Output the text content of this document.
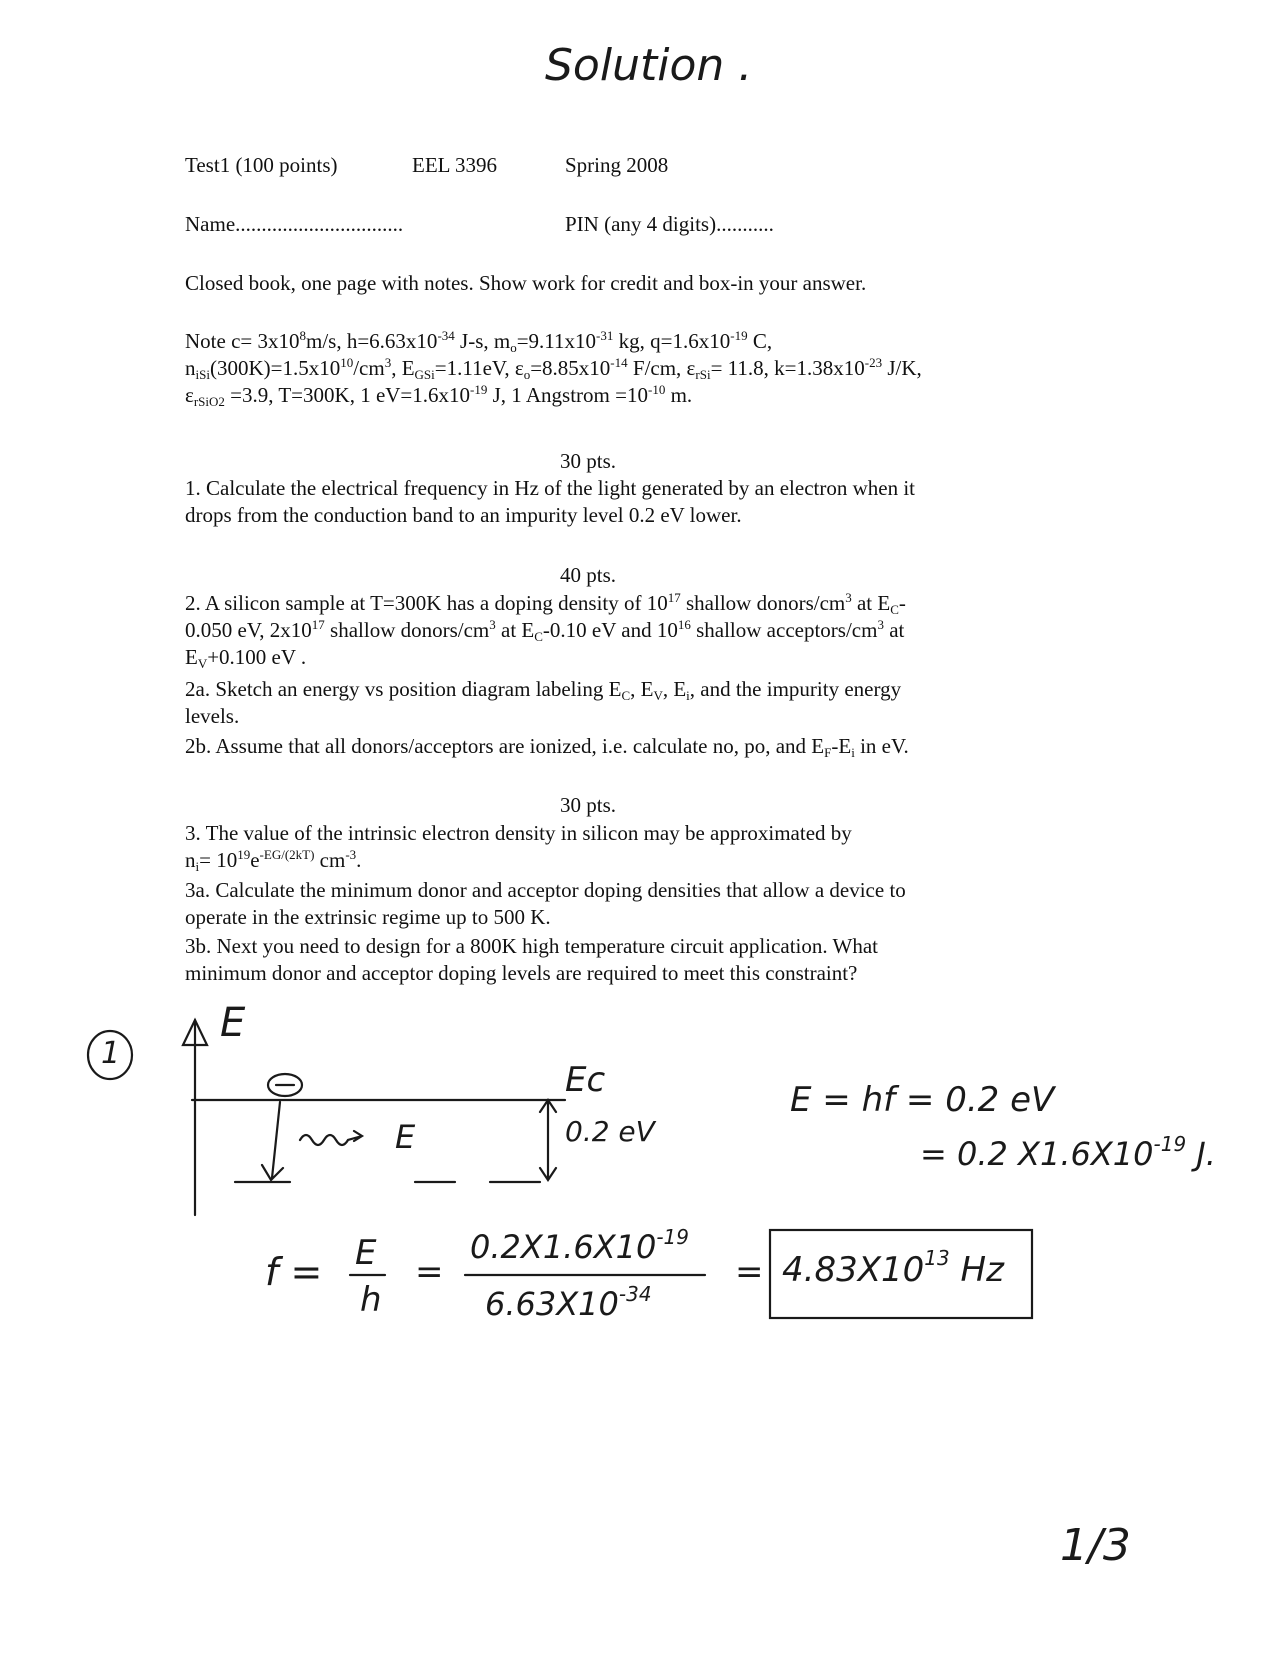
Solution .
Test1 (100 points)	EEL 3396	Spring 2008
Name................................	PIN (any 4 digits)...........
Closed book, one page with notes. Show work for credit and box-in your answer.
Note $c= 3x10^8m/s$, $h=6.63x10^{-34}$ J-s, $m_o=9.11x10^{-31}$ kg, $q=1.6x10^{-19}$ C,
$n_{iSi}(300K)=1.5x10^{10}/cm^3$, $E_{GSi}=1.11eV$, $\varepsilon_o=8.85x10^{-14}$ F/cm, $\varepsilon_{rSi}= 11.8$, $k=1.38x10^{-23}$ J/K,
$\varepsilon_{rSiO2} =3.9$, T=300K, 1 $eV=1.6x10^{-19}$ J, 1 Angstrom $=10^{-10}$ m.
30 pts.
1. Calculate the electrical frequency in Hz of the light generated by an electron when it
drops from the conduction band to an impurity level 0.2 eV lower.
40 pts.
2. A silicon sample at T=300K has a doping density of $10^{17}$ shallow donors/$cm^3$ at $E_C-$
0.050 eV, $2x10^{17}$ shallow donors/$cm^3$ at $E_C-0.10$ eV and $10^{16}$ shallow acceptors/$cm^3$ at
$E_V+0.100$ eV .
2a. Sketch an energy vs position diagram labeling $E_C$, $E_V$, $E_i$, and the impurity energy
levels.
2b. Assume that all donors/acceptors are ionized, i.e. calculate no, po, and $E_F-E_i$ in eV.
30 pts.
3. The value of the intrinsic electron density in silicon may be approximated by
$n_i= 10^{19}e^{-EG/(2kT)}$ $cm^{-3}$.
3a. Calculate the minimum donor and acceptor doping densities that allow a device to
operate in the extrinsic regime up to 500 K.
3b. Next you need to design for a 800K high temperature circuit application. What
minimum donor and acceptor doping levels are required to meet this constraint?
1
E
Ec
0.2 eV
E
E = hf = 0.2 eV
= 0.2 $X1.6X10^{-19}$ J.
f = E
h
=
$0.2X1.6X10^{-19}$
$6.63X10^{-34}$
= $4.83X10^{13}$ Hz
1/3
